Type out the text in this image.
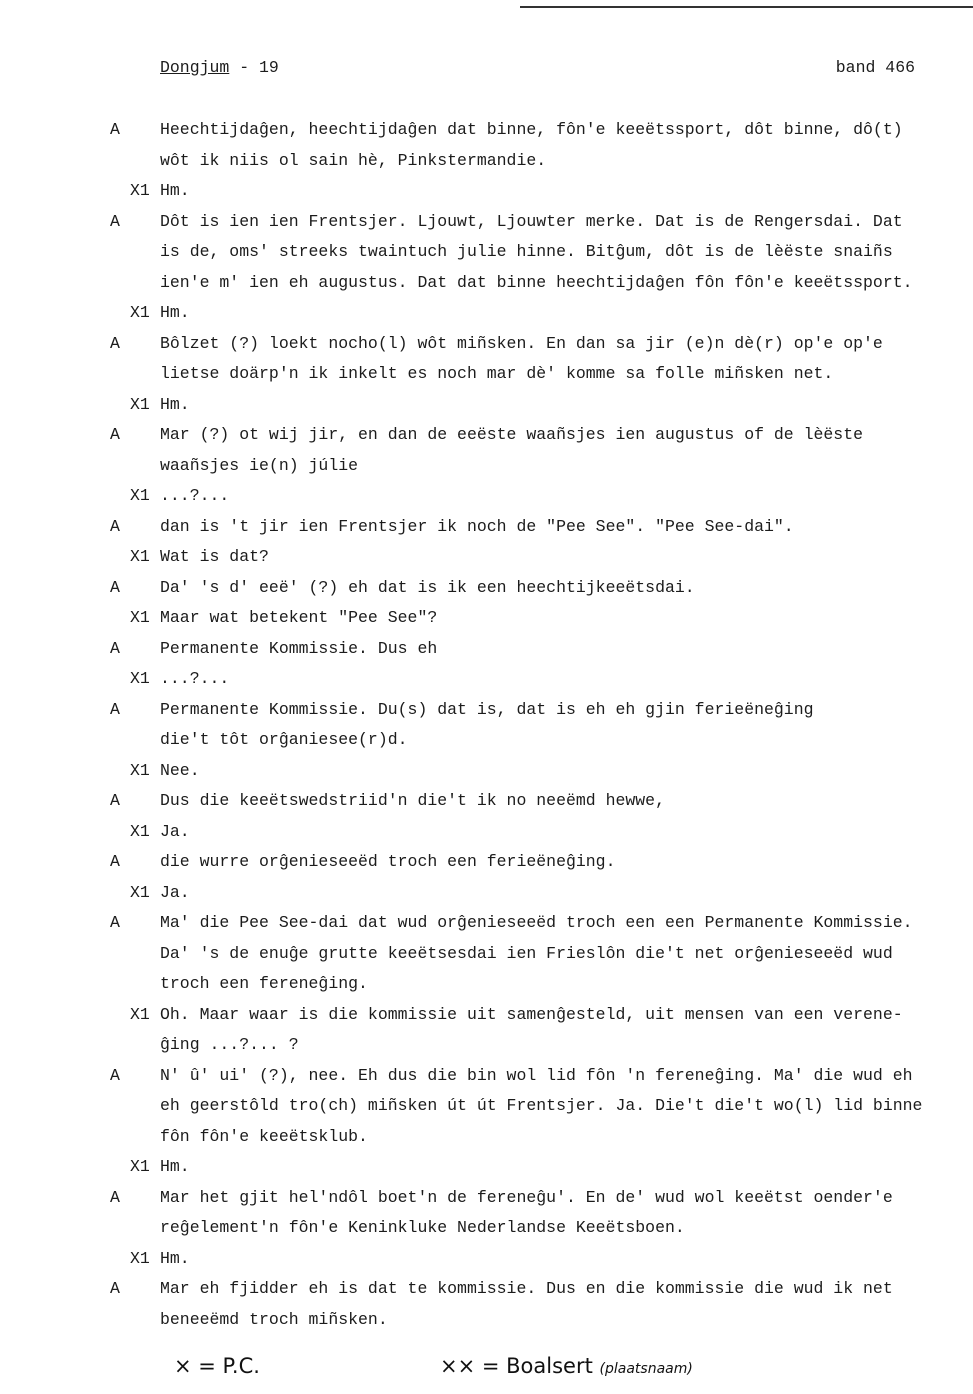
Dongjum - 19	band 466
A Heechtijdaĝen, heechtijdaĝen dat binne, fôn'e keeëtssport, dôt binne, dô(t)
wôt ik niis ol sain hè, Pinkstermandie.
X1 Hm.
A Dôt is ien ien Frentsjer. Ljouwt, Ljouwter merke. Dat is de Rengersdai. Dat
is de, oms' streeks twaintuch julie hinne. Bitĝum, dôt is de lèëste snaiñs
ien'e m' ien eh augustus. Dat dat binne heechtijdaĝen fôn fôn'e keeëtssport.
X1 Hm.
A Bôlzet (?) loekt nocho(l) wôt miñsken. En dan sa jir (e)n dè(r) op'e op'e
lietse doärp'n ik inkelt es noch mar dè' komme sa folle miñsken net.
X1 Hm.
A Mar (?) ot wij jir, en dan de eeëste waañsjes ien augustus of de lèëste
waañsjes ie(n) júlie
X1 ...?...
A dan is 't jir ien Frentsjer ik noch de "Pee See". "Pee See-dai".
X1 Wat is dat?
A Da' 's d' eeë' (?) eh dat is ik een heechtijkeeëtsdai.
X1 Maar wat betekent "Pee See"?
A Permanente Kommissie. Dus eh
X1 ...?...
A Permanente Kommissie. Du(s) dat is, dat is eh eh gjin ferieëneĝing
die't tôt orĝaniesee(r)d.
X1 Nee.
A Dus die keeëtswedstriid'n die't ik no neeëmd hewwe,
X1 Ja.
A die wurre orĝenieseeëd troch een ferieëneĝing.
X1 Ja.
A Ma' die Pee See-dai dat wud orĝenieseeëd troch een een Permanente Kommissie.
Da' 's de enuĝe grutte keeëtsesdai ien Frieslôn die't net orĝenieseeëd wud
troch een fereneĝing.
X1 Oh. Maar waar is die kommissie uit samenĝesteld, uit mensen van een verene-
ĝing ...?... ?
A N' û' ui' (?), nee. Eh dus die bin wol lid fôn 'n fereneĝing. Ma' die wud eh
eh geerstôld tro(ch) miñsken út út Frentsjer. Ja. Die't die't wo(l) lid binne
fôn fôn'e keeëtsklub.
X1 Hm.
A Mar het gjit hel'ndôl boet'n de fereneĝu'. En de' wud wol keeëtst oender'e
reĝelement'n fôn'e Keninkluke Nederlandse Keeëtsboen.
X1 Hm.
A Mar eh fjidder eh is dat te kommissie. Dus en die kommissie die wud ik net
beneeëmd troch miñsken.
× = P.C.	×× = Boalsert (plaatsnaam)
